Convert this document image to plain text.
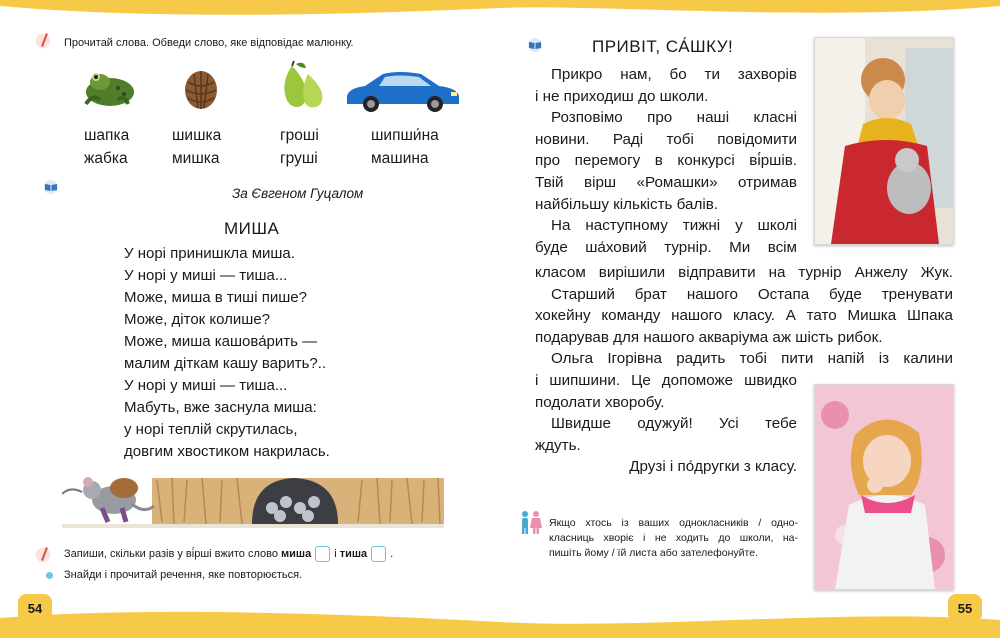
Прочитай слова. Обведи слово, яке відповідає малюнку.
шапка
жабка
шишка
мишка
гроші
груші
шипши́на
машина
За Євгеном Гуцалом
МИША
У норі принишкла миша.
У норі у миші — тиша...
Може, миша в тиші пише?
Може, діток колише?
Може, миша кашова́рить —
малим діткам кашу варить?..
У норі у миші — тиша...
Мабуть, вже заснула миша:
у норі теплій скрутилась,
довгим хвостиком накрилась.
Запиши, скільки разів у ві́рші вжито слово миша і тиша .
Знайди і прочитай речення, яке повторюється.
54
ПРИВІТ, СА́ШКУ!
Прикро нам, бо ти захворів
і не приходиш до школи.
Розповімо про наші класні
новини. Раді тобі повідомити
про перемогу в конкурсі ві́ршів.
Твій вірш «Ромашки» отримав
найбільшу кількість балів.
На наступному тижні у школі
буде ша́ховий турнір. Ми всім
класом вирішили відправити на турнір Анжелу Жук.
Старший брат нашого Остапа буде тренувати
хокейну команду нашого класу. А тато Мишка Шпака
подарував для нашого акваріума аж шість рибок.
Ольга Ігорівна радить тобі пити напій із калини
і шипшини. Це допоможе швидко
подолати хворобу.
Швидше одужуй! Усі тебе
ждуть.
Друзі і по́другки з класу.
Якщо хтось із ваших однокласників / одно-
класниць хворіє і не ходить до школи, на-
пишіть йому / їй листа або зателефонуйте.
55
